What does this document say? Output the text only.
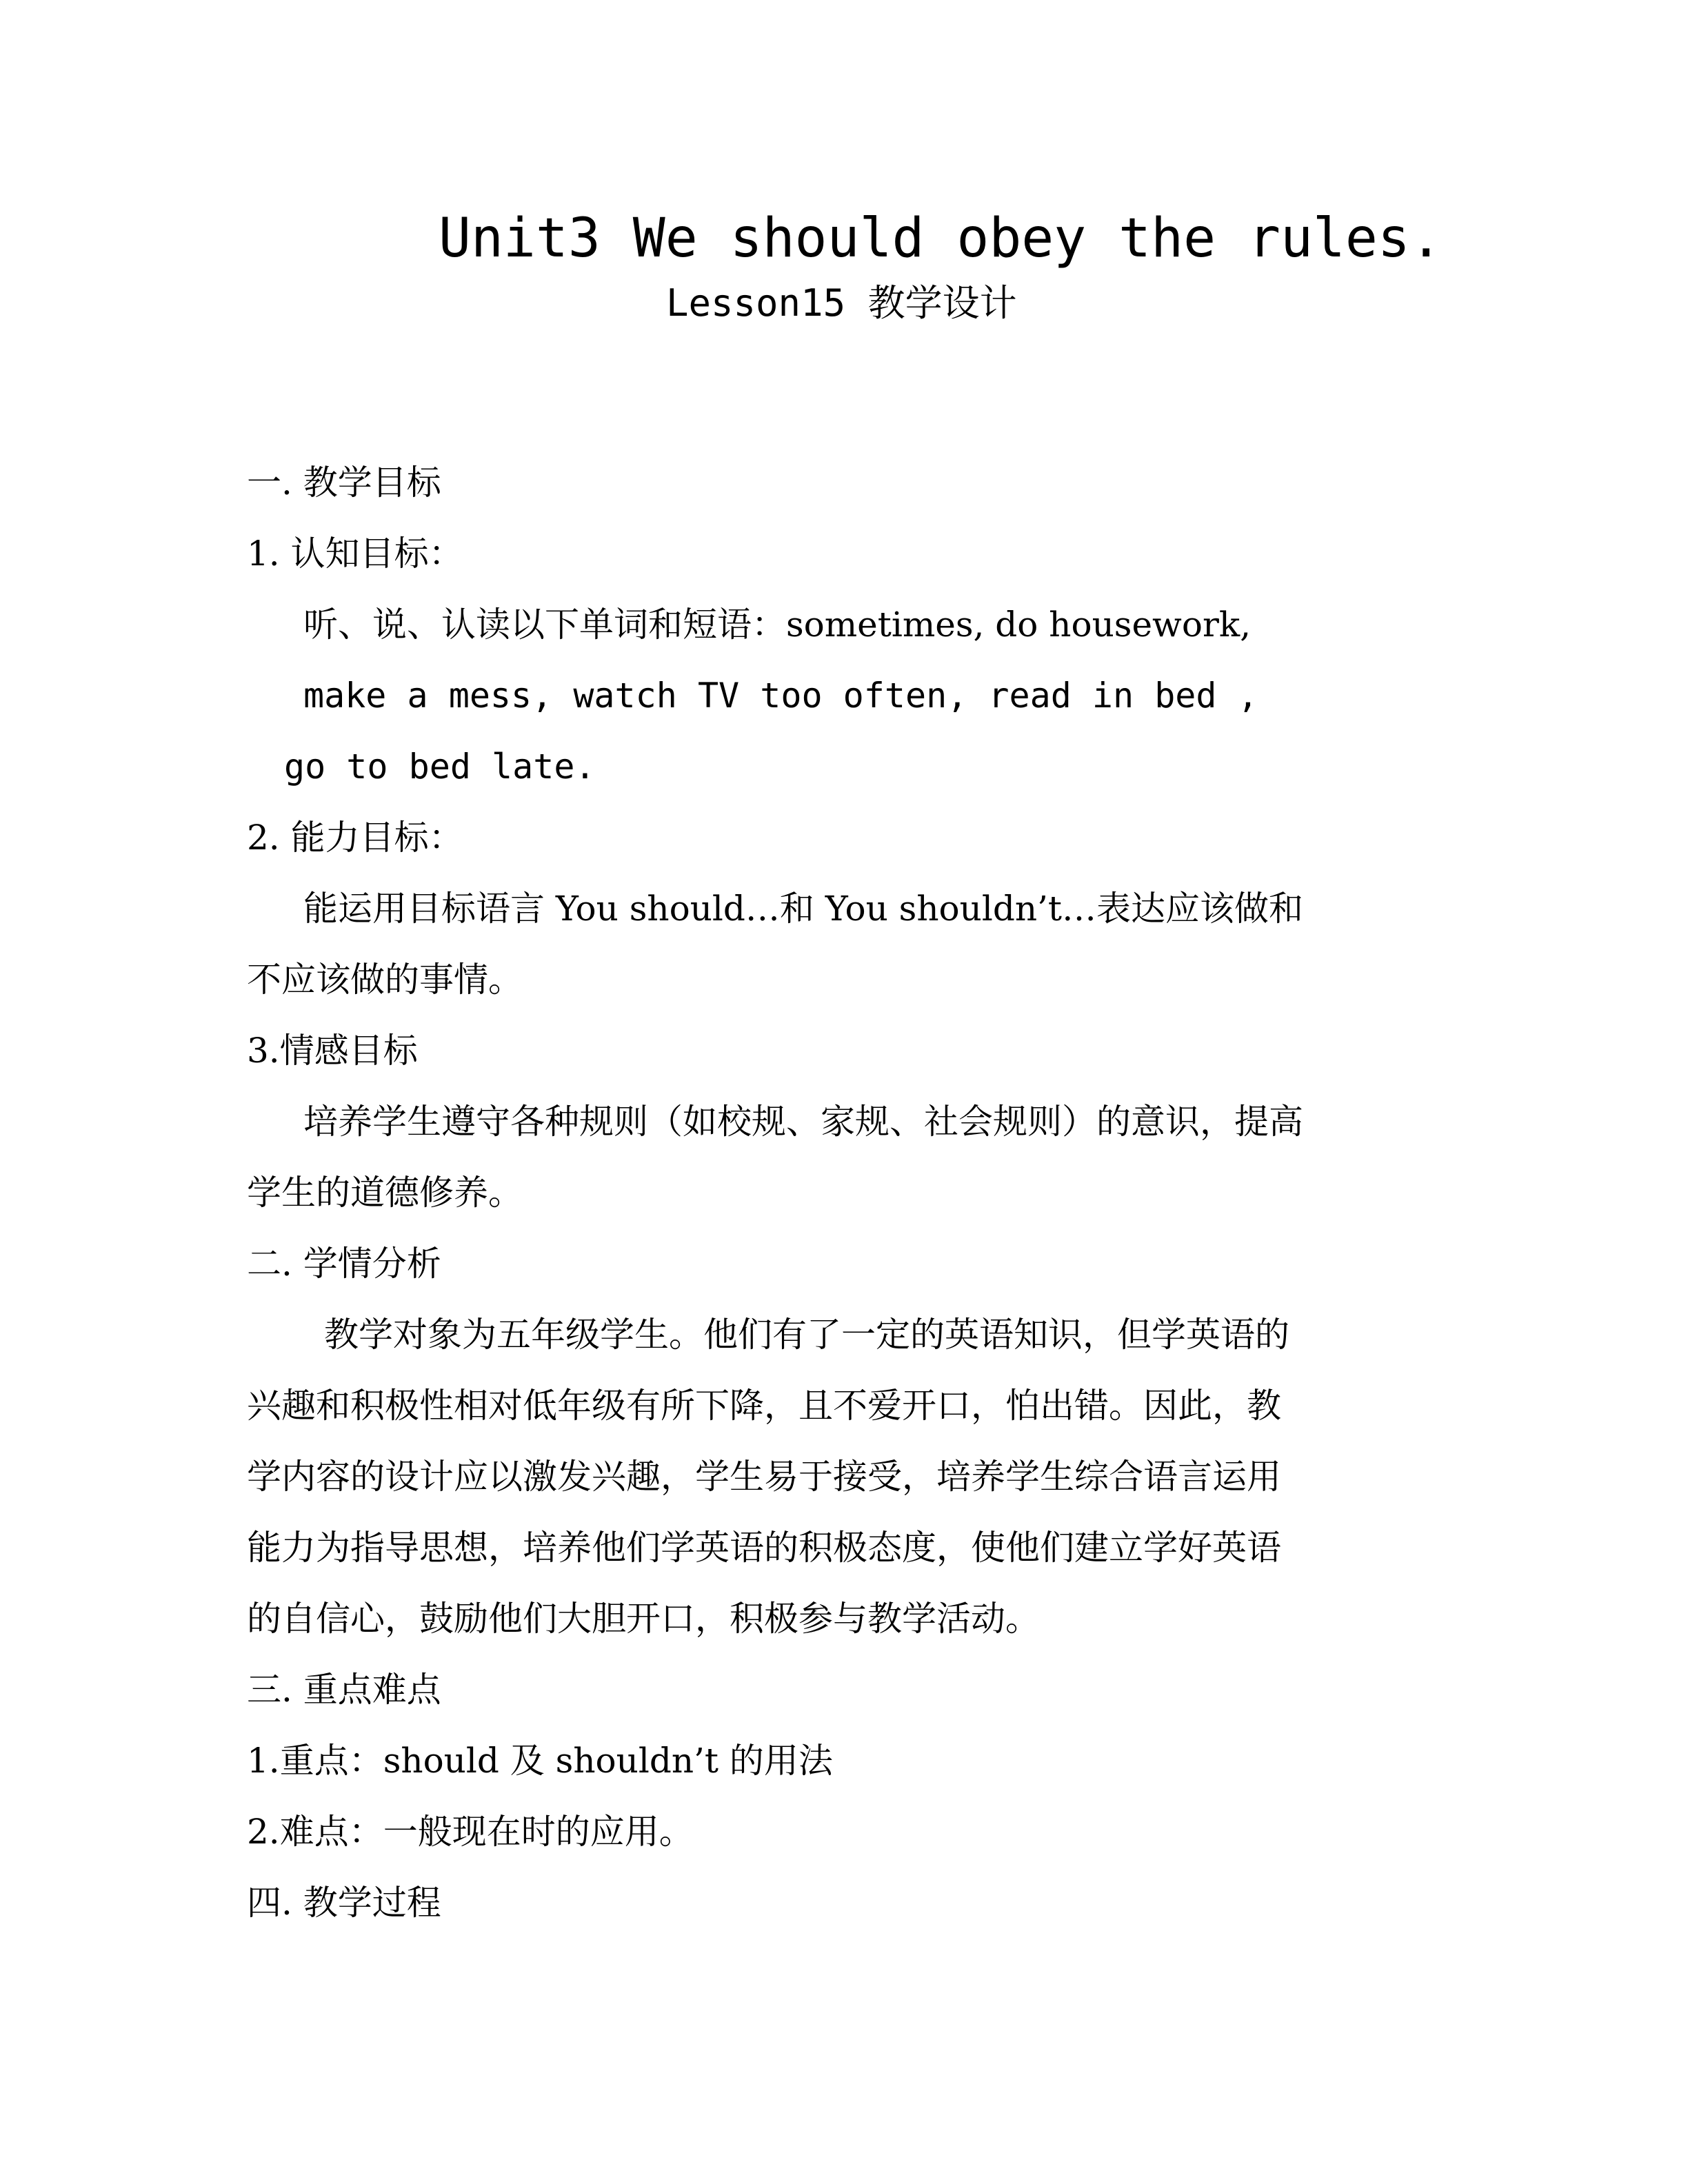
Unit3 We should obey the rules.
Lesson15 教学设计
一. 教学目标
1. 认知目标：
听、说、认读以下单词和短语：sometimes, do housework,
make a mess, watch TV too often, read in bed ,
go to bed late.
2. 能力目标：
能运用目标语言 You should…和 You shouldn’t…表达应该做和
不应该做的事情。
3.情感目标
培养学生遵守各种规则（如校规、家规、社会规则）的意识，提高
学生的道德修养。
二. 学情分析
教学对象为五年级学生。他们有了一定的英语知识，但学英语的
兴趣和积极性相对低年级有所下降，且不爱开口，怕出错。因此，教
学内容的设计应以激发兴趣，学生易于接受，培养学生综合语言运用
能力为指导思想，培养他们学英语的积极态度，使他们建立学好英语
的自信心，鼓励他们大胆开口，积极参与教学活动。
三. 重点难点
1.重点：should 及 shouldn’t 的用法
2.难点：一般现在时的应用。
四. 教学过程
